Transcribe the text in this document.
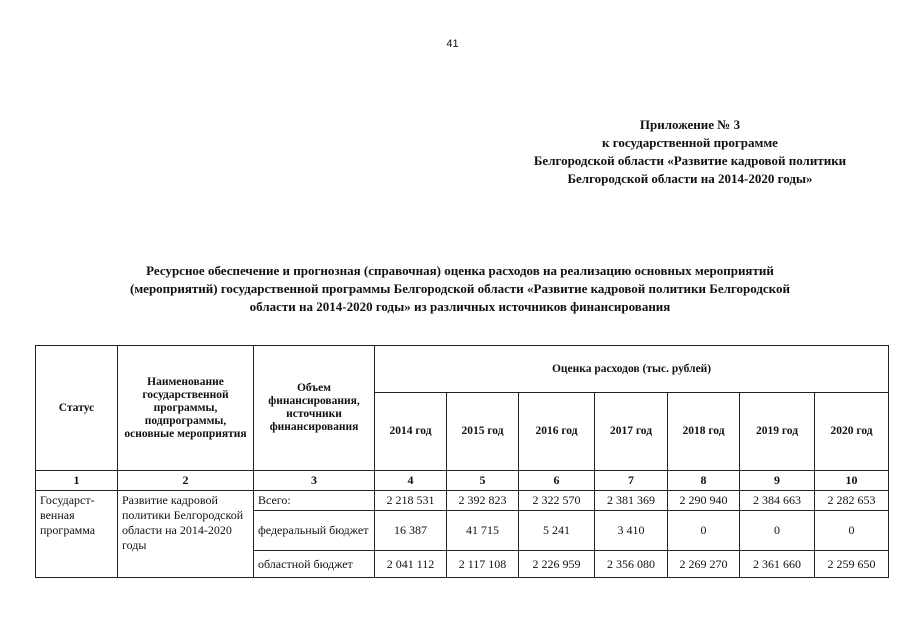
41
Приложение № 3
к государственной программе
Белгородской области «Развитие кадровой политики
Белгородской области на 2014-2020 годы»
Ресурсное обеспечение и прогнозная (справочная) оценка расходов на реализацию основных мероприятий
(мероприятий) государственной программы Белгородской области «Развитие кадровой политики Белгородской
области на 2014-2020 годы» из различных источников финансирования
Статус	Наименование государственной программы, подпрограммы, основные мероприятия	Объем финансирования, источники финансирования	Оценка расходов (тыс. рублей)						
			2014 год	2015 год	2016 год	2017 год	2018 год	2019 год	2020 год
1	2	3	4	5	6	7	8	9	10
Государст-венная программа	Развитие кадровой политики Белгородской области на 2014-2020 годы	Всего:	2 218 531	2 392 823	2 322 570	2 381 369	2 290 940	2 384 663	2 282 653
		федеральный бюджет	16 387	41 715	5 241	3 410	0	0	0
		областной бюджет	2 041 112	2 117 108	2 226 959	2 356 080	2 269 270	2 361 660	2 259 650
